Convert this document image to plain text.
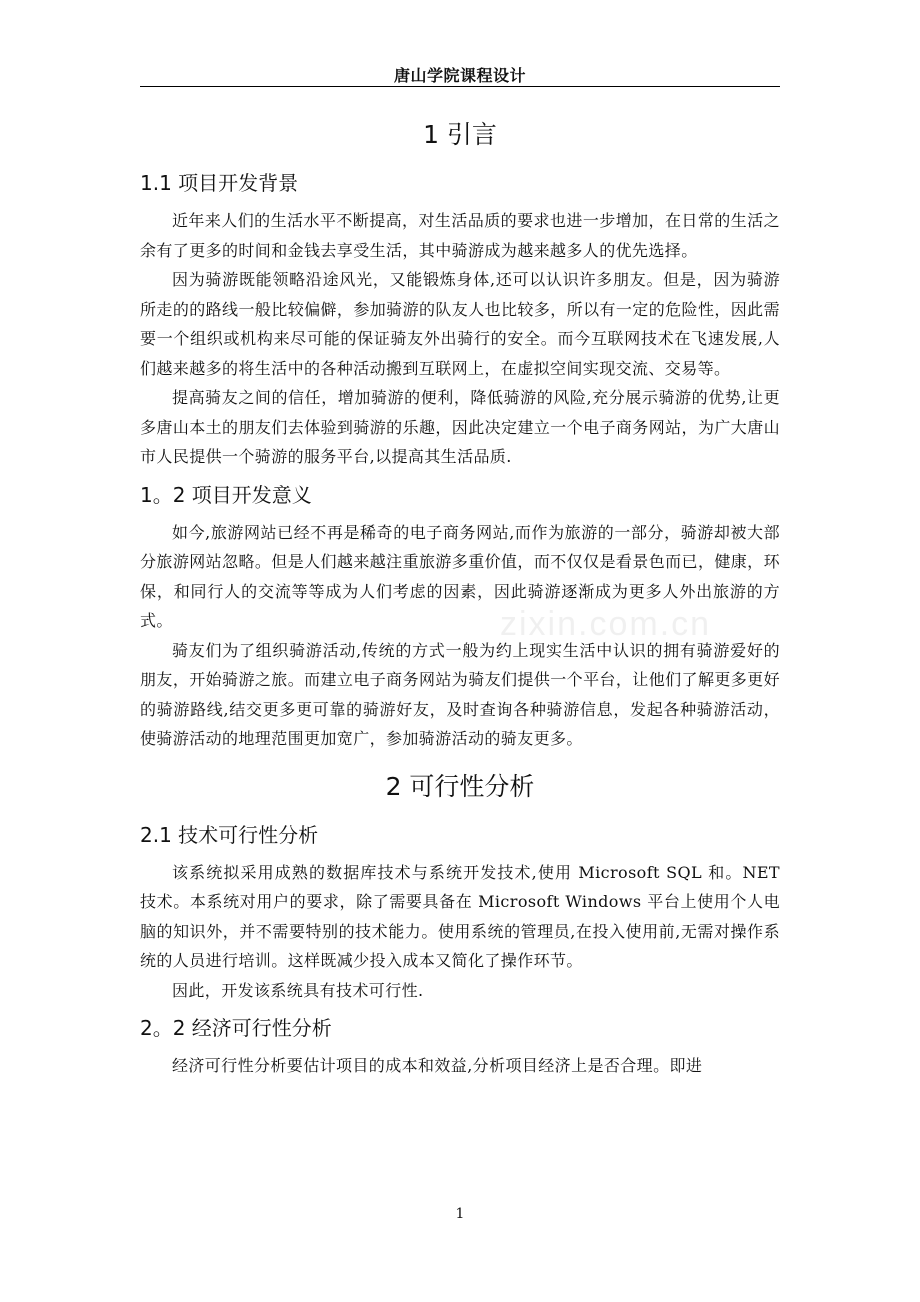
唐山学院课程设计
zixin.com.cn
1 引言
1.1 项目开发背景

近年来人们的生活水平不断提高，对生活品质的要求也进一步增加，在日常的生活之余有了更多的时间和金钱去享受生活，其中骑游成为越来越多人的优先选择。

因为骑游既能领略沿途风光，又能锻炼身体,还可以认识许多朋友。但是，因为骑游所走的的路线一般比较偏僻，参加骑游的队友人也比较多，所以有一定的危险性，因此需要一个组织或机构来尽可能的保证骑友外出骑行的安全。而今互联网技术在飞速发展,人们越来越多的将生活中的各种活动搬到互联网上，在虚拟空间实现交流、交易等。

提高骑友之间的信任，增加骑游的便利，降低骑游的风险,充分展示骑游的优势,让更多唐山本土的朋友们去体验到骑游的乐趣，因此决定建立一个电子商务网站，为广大唐山市人民提供一个骑游的服务平台,以提高其生活品质.

1。2 项目开发意义

如今,旅游网站已经不再是稀奇的电子商务网站,而作为旅游的一部分，骑游却被大部分旅游网站忽略。但是人们越来越注重旅游多重价值，而不仅仅是看景色而已，健康，环保，和同行人的交流等等成为人们考虑的因素，因此骑游逐渐成为更多人外出旅游的方式。

骑友们为了组织骑游活动,传统的方式一般为约上现实生活中认识的拥有骑游爱好的朋友，开始骑游之旅。而建立电子商务网站为骑友们提供一个平台，让他们了解更多更好的骑游路线,结交更多更可靠的骑游好友，及时查询各种骑游信息，发起各种骑游活动，使骑游活动的地理范围更加宽广，参加骑游活动的骑友更多。

2 可行性分析
2.1 技术可行性分析

该系统拟采用成熟的数据库技术与系统开发技术,使用 Microsoft SQL 和。NET 技术。本系统对用户的要求，除了需要具备在 Microsoft Windows 平台上使用个人电脑的知识外，并不需要特别的技术能力。使用系统的管理员,在投入使用前,无需对操作系统的人员进行培训。这样既减少投入成本又简化了操作环节。

因此，开发该系统具有技术可行性.

2。2 经济可行性分析

经济可行性分析要估计项目的成本和效益,分析项目经济上是否合理。即进

1
